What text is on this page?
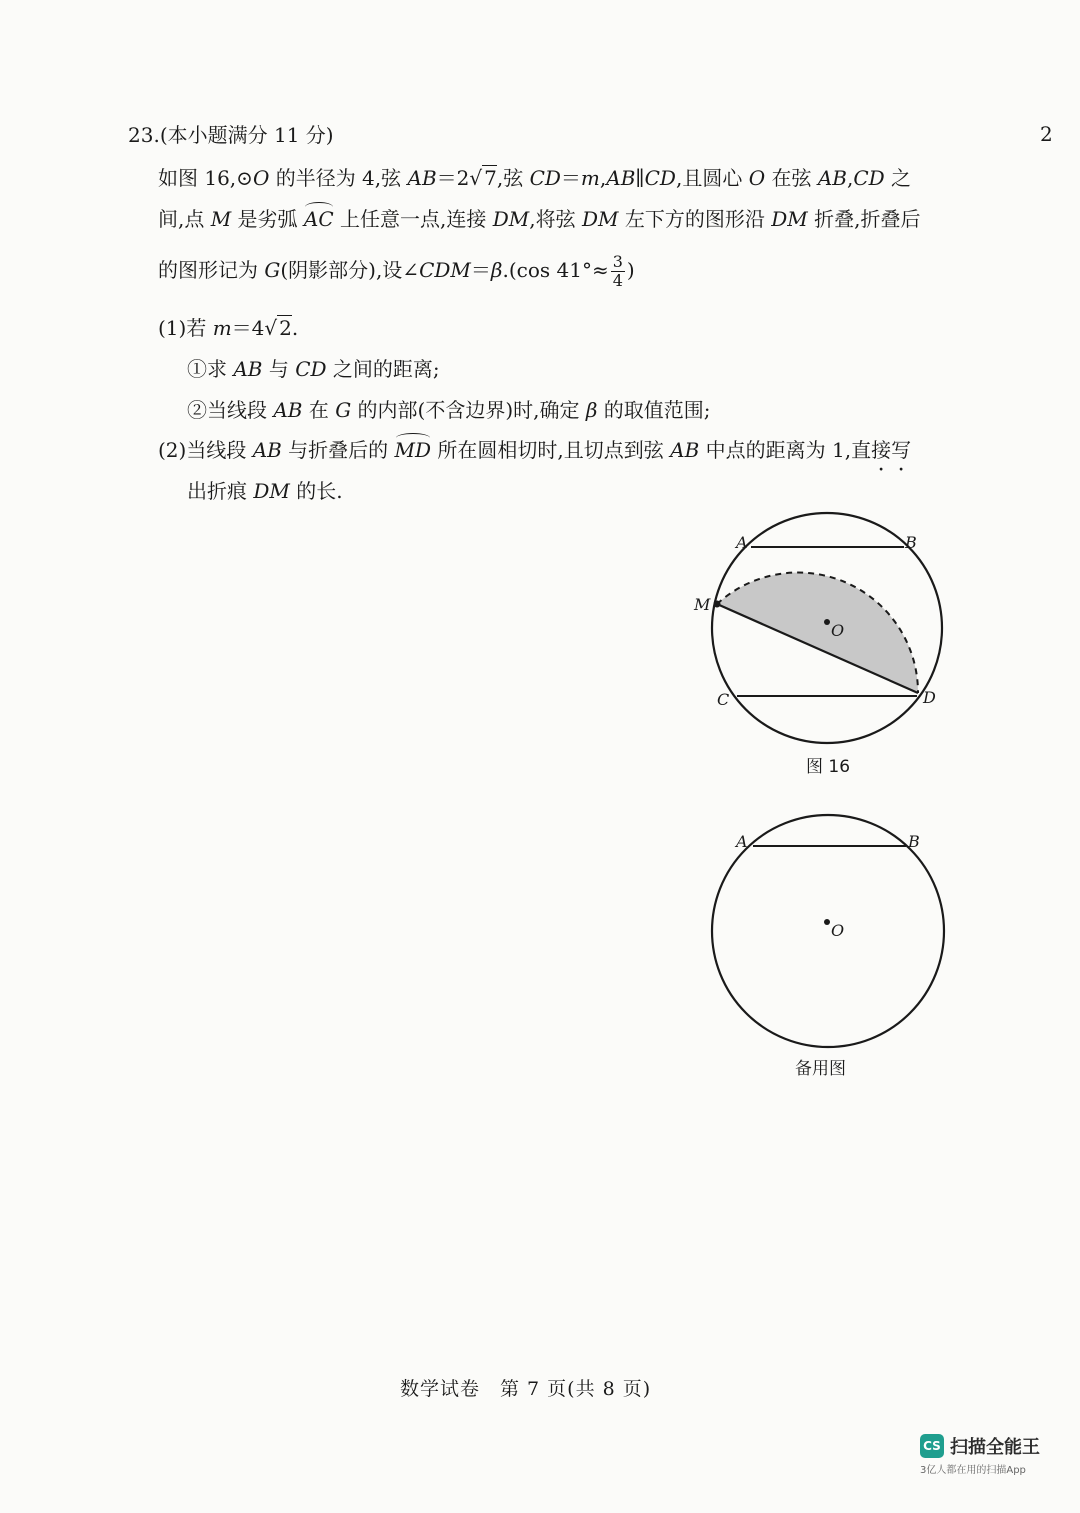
2
23.(本小题满分 11 分)
如图 16,⊙O 的半径为 4,弦 AB＝2√ 7,弦 CD＝m,AB∥CD,且圆心 O 在弦 AB,CD 之
间,点 M 是劣弧 AC 上任意一点,连接 DM,将弦 DM 左下方的图形沿 DM 折叠,折叠后
的图形记为 G(阴影部分),设∠CDM＝β.(cos $41^\circ\approx \frac{3}{4}$ )
(1)若 m＝4√ 2.
①求 AB 与 CD 之间的距离;
②当线段 AB 在 G 的内部(不含边界)时,确定 β 的取值范围;
(2)当线段 AB 与折叠后的 MD 所在圆相切时,且切点到弦 AB 中点的距离为 1,直接写
出折痕 DM 的长.
A	B
M
O
C	D
图 16
A	B
O
备用图
数学试卷　第 7 页(共 8 页)
CS 扫描全能王
3亿人都在用的扫描App
